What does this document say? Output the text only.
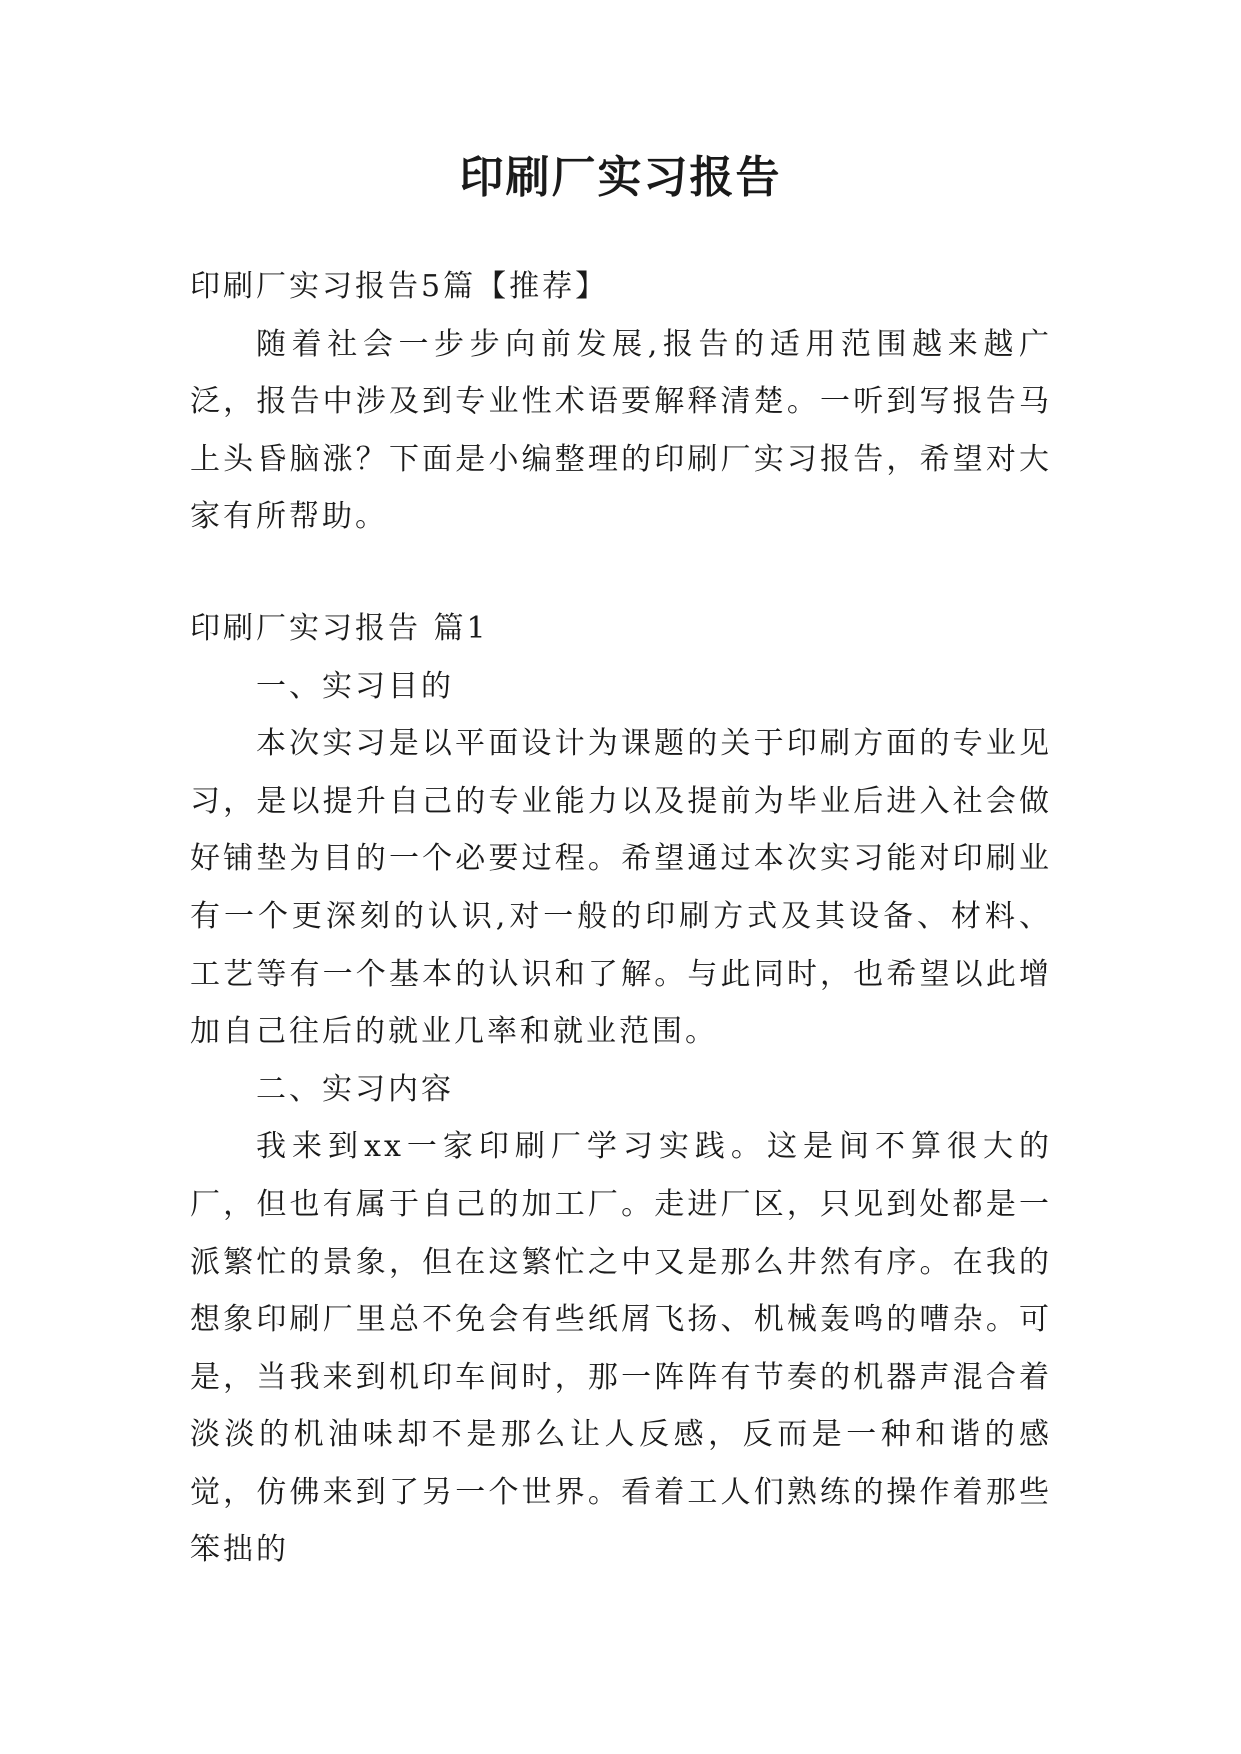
印刷厂实习报告

印刷厂实习报告5篇【推荐】

随着社会一步步向前发展,报告的适用范围越来越广泛，报告中涉及到专业性术语要解释清楚。一听到写报告马上头昏脑涨？下面是小编整理的印刷厂实习报告，希望对大家有所帮助。

印刷厂实习报告 篇1

一、实习目的

本次实习是以平面设计为课题的关于印刷方面的专业见习，是以提升自己的专业能力以及提前为毕业后进入社会做好铺垫为目的一个必要过程。希望通过本次实习能对印刷业有一个更深刻的认识,对一般的印刷方式及其设备、材料、工艺等有一个基本的认识和了解。与此同时，也希望以此增加自己往后的就业几率和就业范围。

二、实习内容

我来到xx一家印刷厂学习实践。这是间不算很大的厂，但也有属于自己的加工厂。走进厂区，只见到处都是一派繁忙的景象，但在这繁忙之中又是那么井然有序。在我的想象印刷厂里总不免会有些纸屑飞扬、机械轰鸣的嘈杂。可是，当我来到机印车间时，那一阵阵有节奏的机器声混合着淡淡的机油味却不是那么让人反感，反而是一种和谐的感觉，仿佛来到了另一个世界。看着工人们熟练的操作着那些笨拙的
